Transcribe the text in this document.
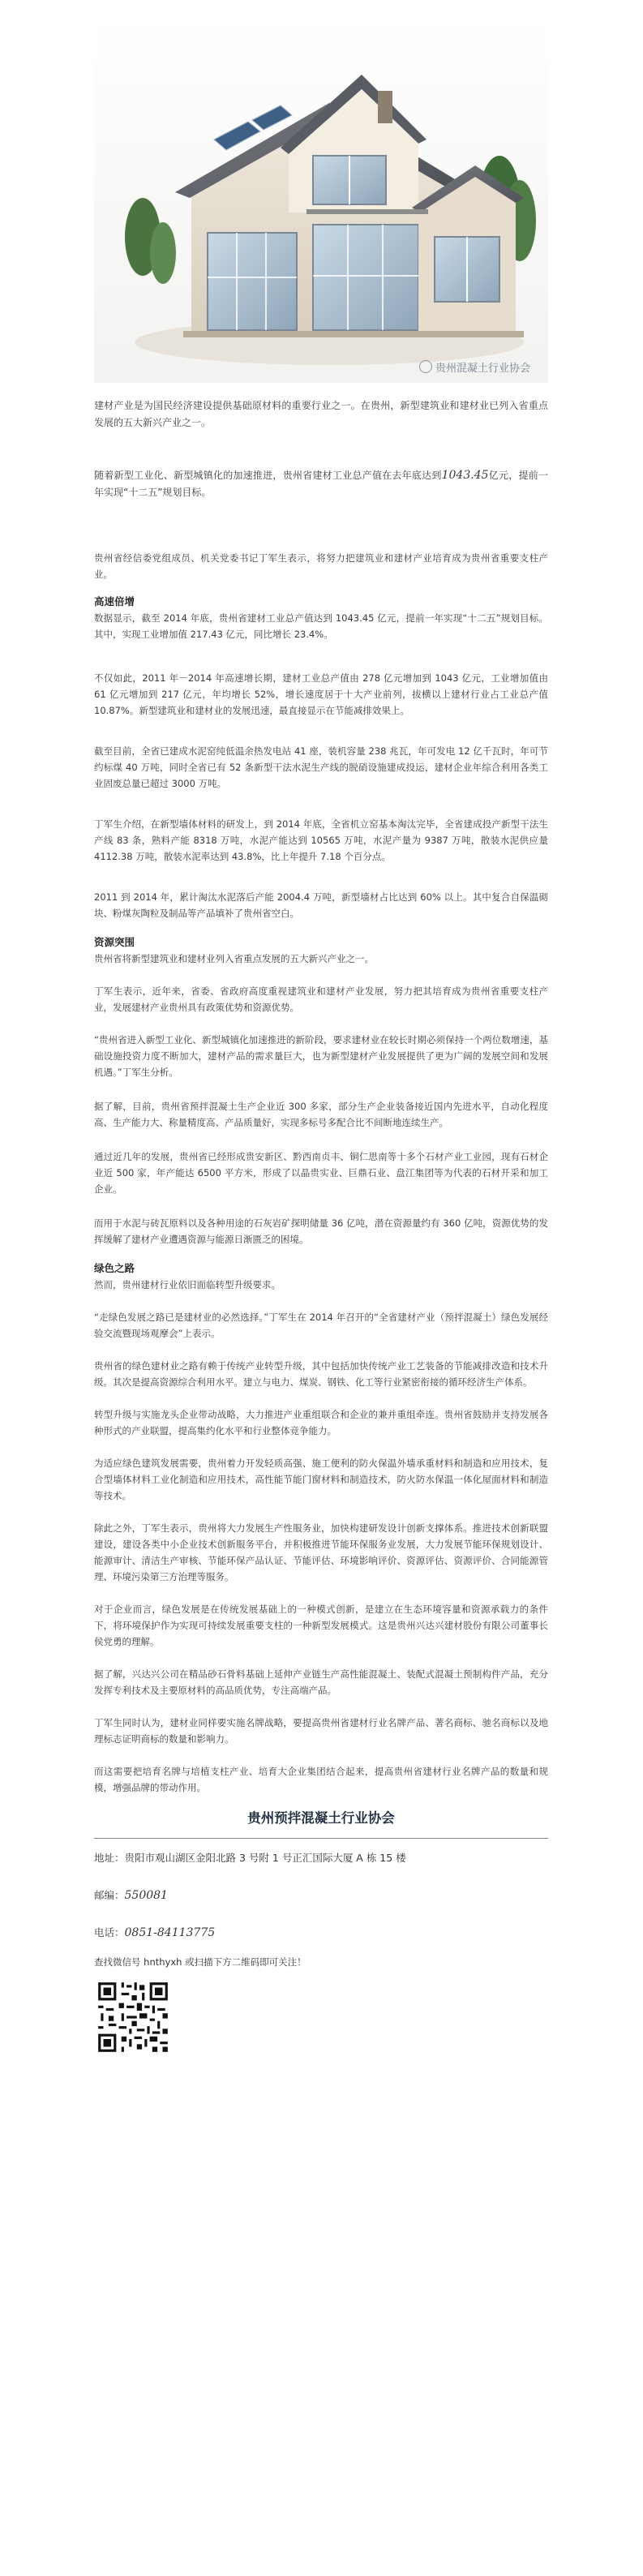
贵州混凝土行业协会

建材产业是为国民经济建设提供基础原材料的重要行业之一。在贵州，新型建筑业和建材业已列入省重点发展的五大新兴产业之一。

随着新型工业化、新型城镇化的加速推进，贵州省建材工业总产值在去年底达到1043.45亿元，提前一年实现“十二五”规划目标。

贵州省经信委党组成员、机关党委书记丁军生表示，将努力把建筑业和建材产业培育成为贵州省重要支柱产业。

高速倍增

数据显示，截至 2014 年底，贵州省建材工业总产值达到 1043.45 亿元，提前一年实现“十二五”规划目标。其中，实现工业增加值 217.43 亿元，同比增长 23.4%。

不仅如此，2011 年－2014 年高速增长期，建材工业总产值由 278 亿元增加到 1043 亿元，工业增加值由 61 亿元增加到 217 亿元，年均增长 52%，增长速度居于十大产业前列，拔横以上建材行业占工业总产值 10.87%。新型建筑业和建材业的发展迅速，最直接显示在节能减排效果上。

截至目前，全省已建成水泥窑纯低温余热发电站 41 座，装机容量 238 兆瓦，年可发电 12 亿千瓦时，年可节约标煤 40 万吨，同时全省已有 52 条新型干法水泥生产线的脱硝设施建成投运，建材企业年综合利用各类工业固废总量已超过 3000 万吨。

丁军生介绍，在新型墙体材料的研发上，到 2014 年底，全省机立窑基本淘汰完毕，全省建成投产新型干法生产线 83 条，熟料产能 8318 万吨，水泥产能达到 10565 万吨，水泥产量为 9387 万吨，散装水泥供应量 4112.38 万吨，散装水泥率达到 43.8%，比上年提升 7.18 个百分点。

2011 到 2014 年，累计淘汰水泥落后产能 2004.4 万吨，新型墙材占比达到 60% 以上。其中复合自保温砌块、粉煤灰陶粒及制品等产品填补了贵州省空白。

资源突围

贵州省将新型建筑业和建材业列入省重点发展的五大新兴产业之一。

丁军生表示，近年来，省委、省政府高度重视建筑业和建材产业发展，努力把其培育成为贵州省重要支柱产业，发展建材产业贵州具有政策优势和资源优势。

“贵州省进入新型工业化、新型城镇化加速推进的新阶段，要求建材业在较长时期必须保持一个两位数增速，基础设施投资力度不断加大，建材产品的需求量巨大，也为新型建材产业发展提供了更为广阔的发展空间和发展机遇。”丁军生分析。

据了解，目前，贵州省预拌混凝土生产企业近 300 多家，部分生产企业装备接近国内先进水平，自动化程度高、生产能力大、称量精度高、产品质量好，实现多标号多配合比不间断地连续生产。

通过近几年的发展，贵州省已经形成贵安新区、黔西南贞丰、铜仁思南等十多个石材产业工业园，现有石材企业近 500 家，年产能达 6500 平方米，形成了以晶贵实业、巨鼎石业、盘江集团等为代表的石材开采和加工企业。

而用于水泥与砖瓦原料以及各种用途的石灰岩矿探明储量 36 亿吨，潜在资源量约有 360 亿吨，资源优势的发挥缓解了建材产业遭遇资源与能源日渐匮乏的困境。

绿色之路

然而，贵州建材行业依旧面临转型升级要求。

“走绿色发展之路已是建材业的必然选择。”丁军生在 2014 年召开的“全省建材产业（预拌混凝土）绿色发展经验交流暨现场观摩会”上表示。

贵州省的绿色建材业之路有赖于传统产业转型升级，其中包括加快传统产业工艺装备的节能减排改造和技术升级。其次是提高资源综合利用水平。建立与电力、煤炭、钢铁、化工等行业紧密衔接的循环经济生产体系。

转型升级与实施龙头企业带动战略，大力推进产业重组联合和企业的兼并重组牵连。贵州省鼓励并支持发展各种形式的产业联盟，提高集约化水平和行业整体竞争能力。

为适应绿色建筑发展需要，贵州着力开发轻质高强、施工便利的防火保温外墙承重材料和制造和应用技术，复合型墙体材料工业化制造和应用技术，高性能节能门窗材料和制造技术，防火防水保温一体化屋面材料和制造等技术。

除此之外，丁军生表示，贵州将大力发展生产性服务业，加快构建研发设计创新支撑体系。推进技术创新联盟建设，建设各类中小企业技术创新服务平台，并积极推进节能环保服务业发展，大力发展节能环保规划设计、能源审计、清洁生产审核、节能环保产品认证、节能评估、环境影响评价、资源评估、资源评价、合同能源管理、环境污染第三方治理等服务。

对于企业而言，绿色发展是在传统发展基础上的一种模式创新，是建立在生态环境容量和资源承载力的条件下，将环境保护作为实现可持续发展重要支柱的一种新型发展模式。这是贵州兴达兴建材股份有限公司董事长侯党勇的理解。

据了解，兴达兴公司在精品砂石骨料基础上延伸产业链生产高性能混凝土、装配式混凝土预制构件产品，充分发挥专利技术及主要原材料的高品质优势，专注高端产品。

丁军生同时认为，建材业同样要实施名牌战略，要提高贵州省建材行业名牌产品、著名商标、驰名商标以及地理标志证明商标的数量和影响力。

而这需要把培育名牌与培植支柱产业、培育大企业集团结合起来，提高贵州省建材行业名牌产品的数量和规模，增强品牌的带动作用。

贵州预拌混凝土行业协会
地址：贵阳市观山湖区金阳北路 3 号附 1 号正汇国际大厦 A 栋 15 楼
邮编：550081
电话：0851-84113775
查找微信号 hnthyxh 或扫描下方二维码即可关注！
